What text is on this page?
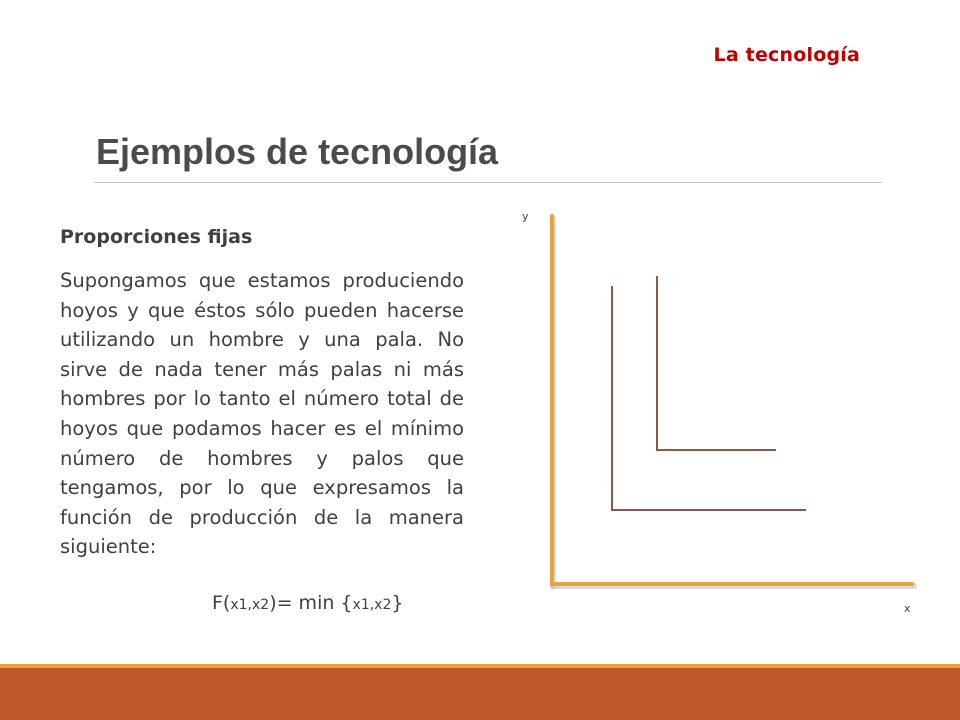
La tecnología
Ejemplos de tecnología
Proporciones fijas
Supongamos que estamos produciendo hoyos y que éstos sólo pueden hacerse utilizando un hombre y una pala. No sirve de nada tener más palas ni más hombres por lo tanto el número total de hoyos que podamos hacer es el mínimo número de hombres y palos que tengamos, por lo que expresamos la función de producción de la manera siguiente:
F(x1,x2)= min {x1,x2}
y
x
